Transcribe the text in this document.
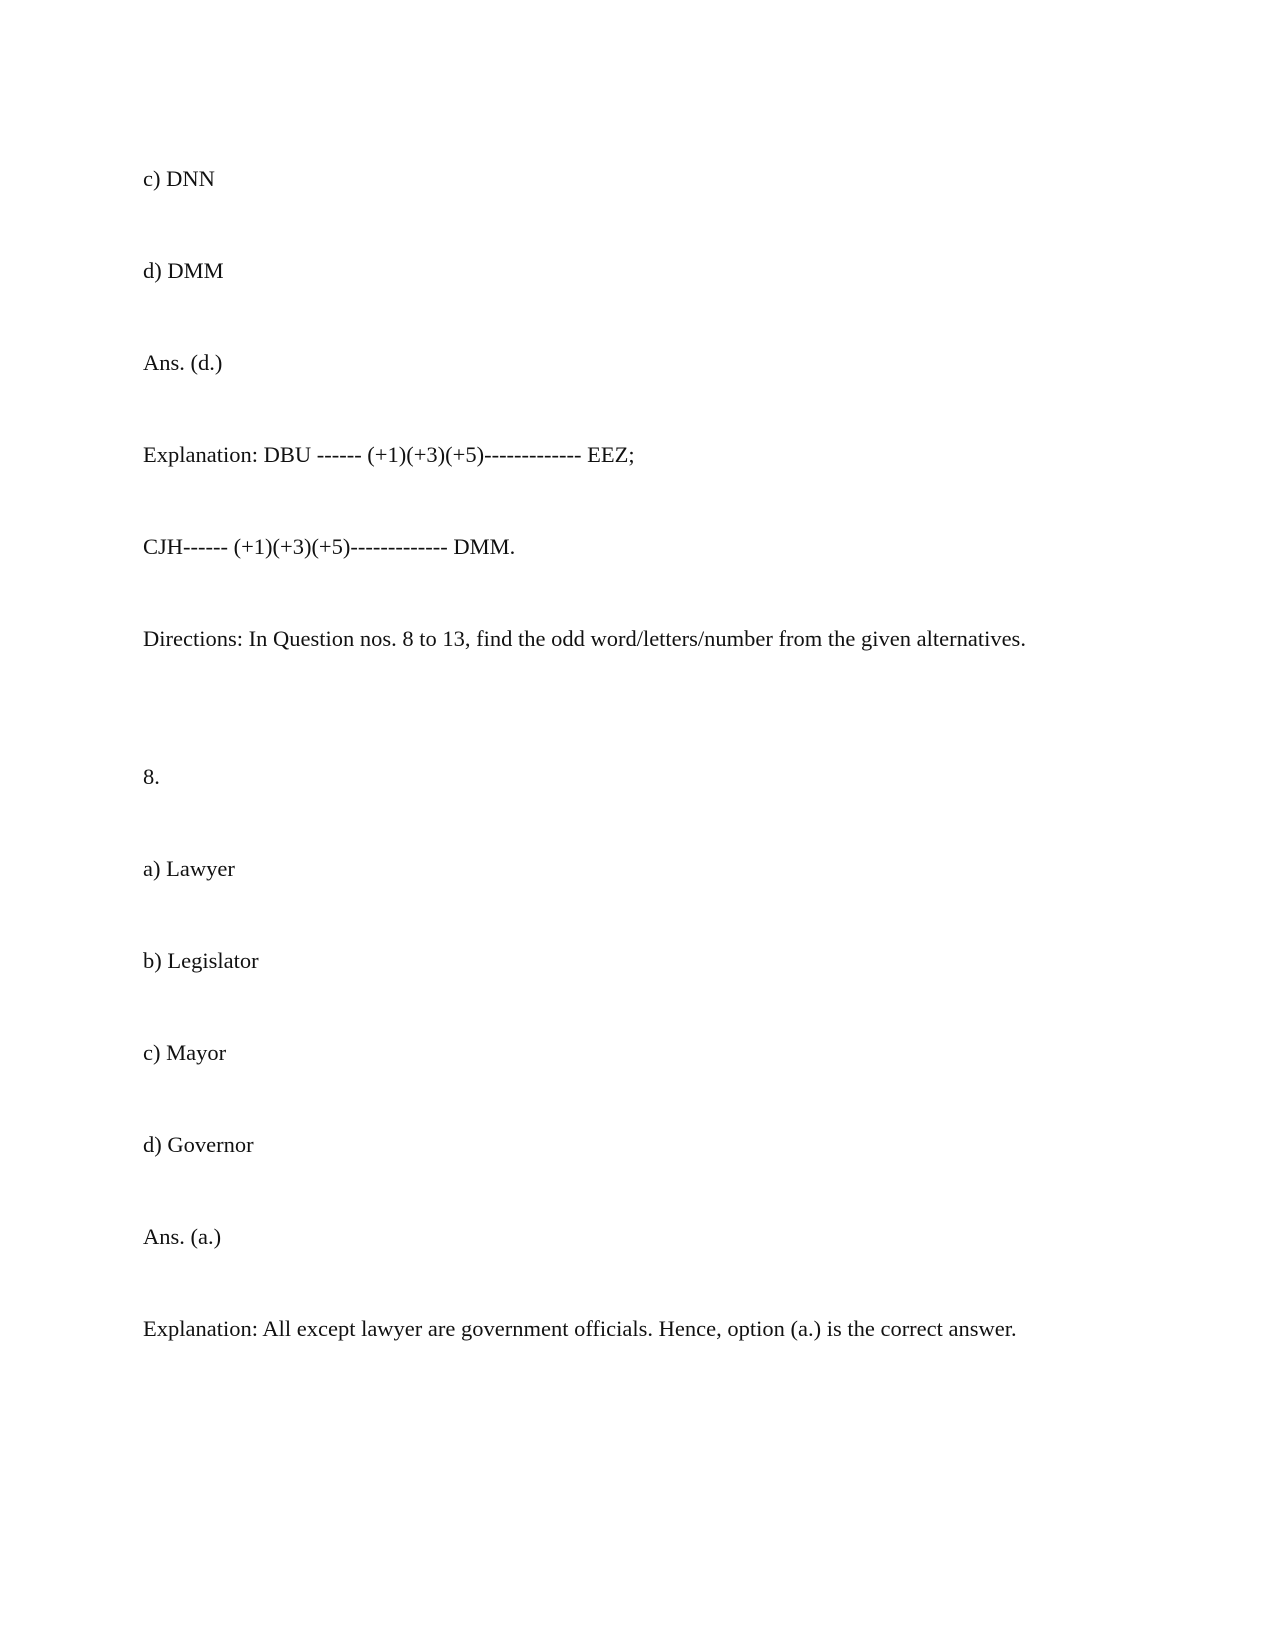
c) DNN
d) DMM
Ans. (d.)
Explanation: DBU ------ (+1)(+3)(+5)------------- EEZ;
CJH------ (+1)(+3)(+5)------------- DMM.
Directions: In Question nos. 8 to 13, find the odd word/letters/number from the given alternatives.
8.
a) Lawyer
b) Legislator
c) Mayor
d) Governor
Ans. (a.)
Explanation: All except lawyer are government officials. Hence, option (a.) is the correct answer.
